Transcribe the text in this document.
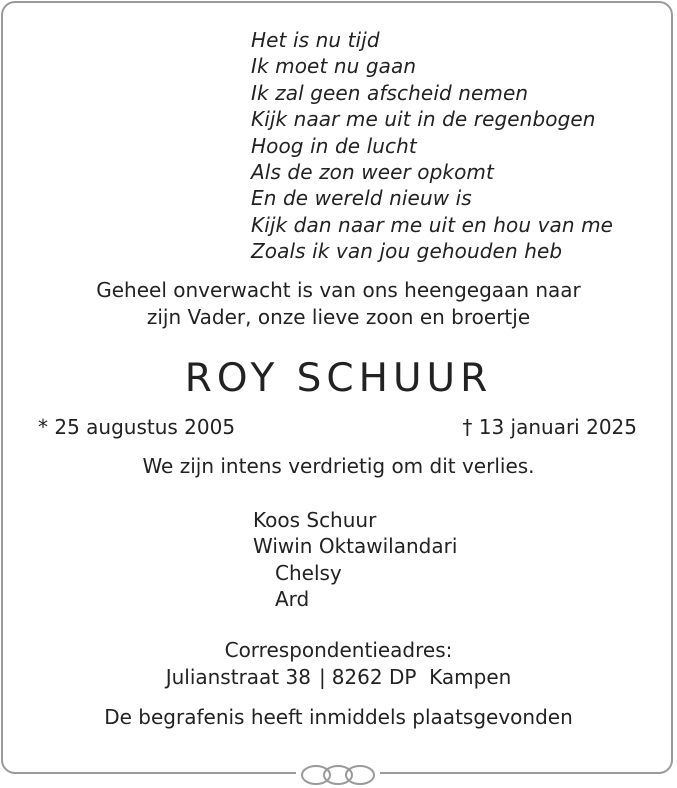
Het is nu tijd
Ik moet nu gaan
Ik zal geen afscheid nemen
Kijk naar me uit in de regenbogen
Hoog in de lucht
Als de zon weer opkomt
En de wereld nieuw is
Kijk dan naar me uit en hou van me
Zoals ik van jou gehouden heb
Geheel onverwacht is van ons heengegaan naar
zijn Vader, onze lieve zoon en broertje
ROY SCHUUR
* 25 augustus 2005	† 13 januari 2025
We zijn intens verdrietig om dit verlies.
Koos Schuur
Wiwin Oktawilandari
Chelsy
Ard
Correspondentieadres:
Julianstraat 38 | 8262 DP  Kampen
De begrafenis heeft inmiddels plaatsgevonden
